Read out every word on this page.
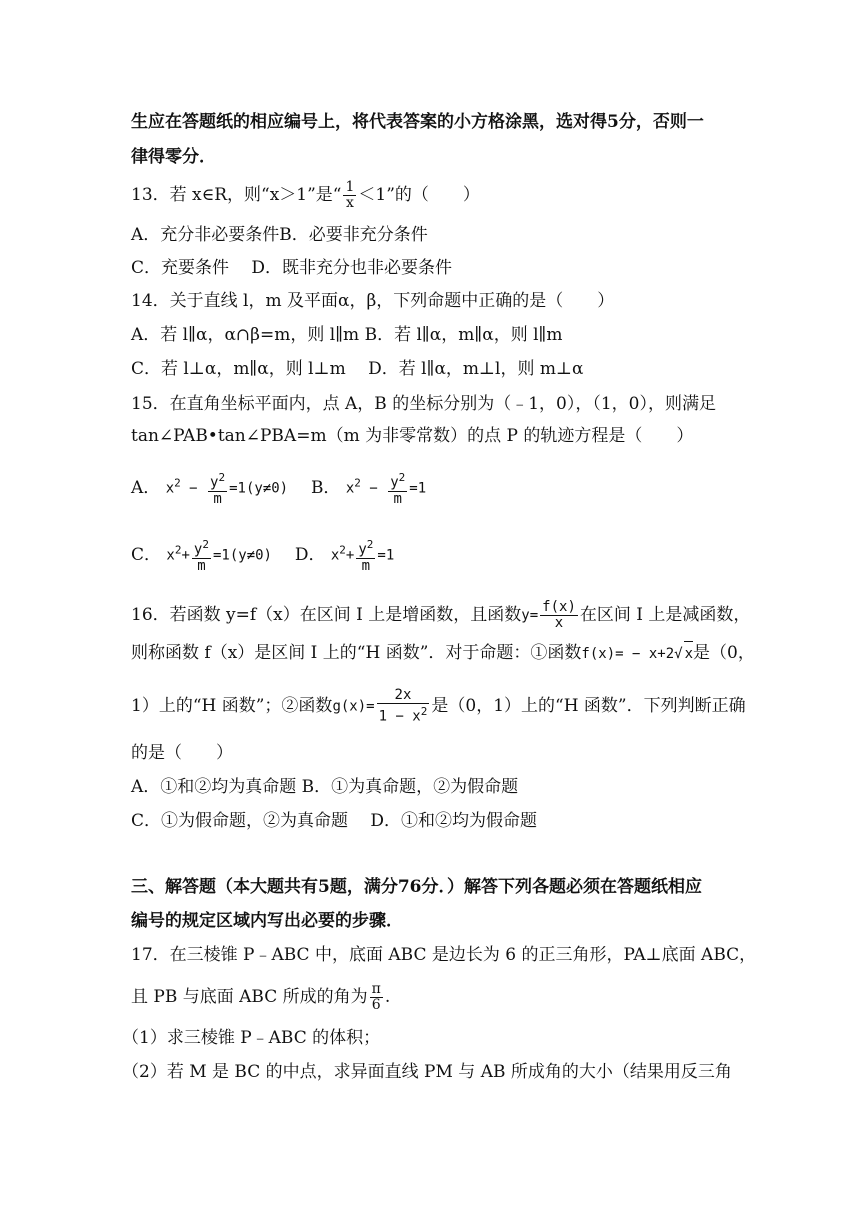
生应在答题纸的相应编号上，将代表答案的小方格涂黑，选对得5分，否则一
律得零分．
13．若 x∈R，则“x＞1”是“ $\frac{1}{x} <1$”的（　　）
A．充分非必要条件B．必要非充分条件
C．充要条件　 D．既非充分也非必要条件
14．关于直线 l，m 及平面α，β，下列命题中正确的是（　　）
A．若 l∥α，α∩β=m，则 l∥m B．若 l∥α，m∥α，则 l∥m
C．若 l⊥α，m∥α，则 l⊥m　 D．若 l∥α，m⊥l，则 m⊥α
15．在直角坐标平面内，点 A，B 的坐标分别为（﹣1，0），（1，0），则满足
tan∠PAB•tan∠PBA=m（m 为非零常数）的点 P 的轨迹方程是（　　）
A． $x^2 - \frac{y^2}{m} =1(y\ne 0)$ B． $x^2 - \frac{y^2}{m} =1$
C． $x^2+ \frac{y^2}{m} =1(y\ne 0)$ D． $x^2+ \frac{y^2}{m} =1$
16．若函数 y=f（x）在区间 I 上是增函数，且函数$y= \frac{f(x)}{x}$ 在区间 I 上是减函数，
则称函数 f（x）是区间 I 上的“H 函数”．对于命题：①函数f(x)= − x+2√ x是（0，
1）上的“H 函数”；②函数$g(x)= \frac{2x}{1 - x^2}$ 是（0，1）上的“H 函数”．下列判断正确
的是（　　）
A．①和②均为真命题 B．①为真命题，②为假命题
C．①为假命题，②为真命题　 D．①和②均为假命题
三、解答题（本大题共有5题，满分76分．）解答下列各题必须在答题纸相应
编号的规定区域内写出必要的步骤．
17．在三棱锥 P﹣ABC 中，底面 ABC 是边长为 6 的正三角形，PA⊥底面 ABC，
且 PB 与底面 ABC 所成的角为 $\frac{\pi}{6}$ .
（1）求三棱锥 P﹣ABC 的体积；
（2）若 M 是 BC 的中点，求异面直线 PM 与 AB 所成角的大小（结果用反三角
